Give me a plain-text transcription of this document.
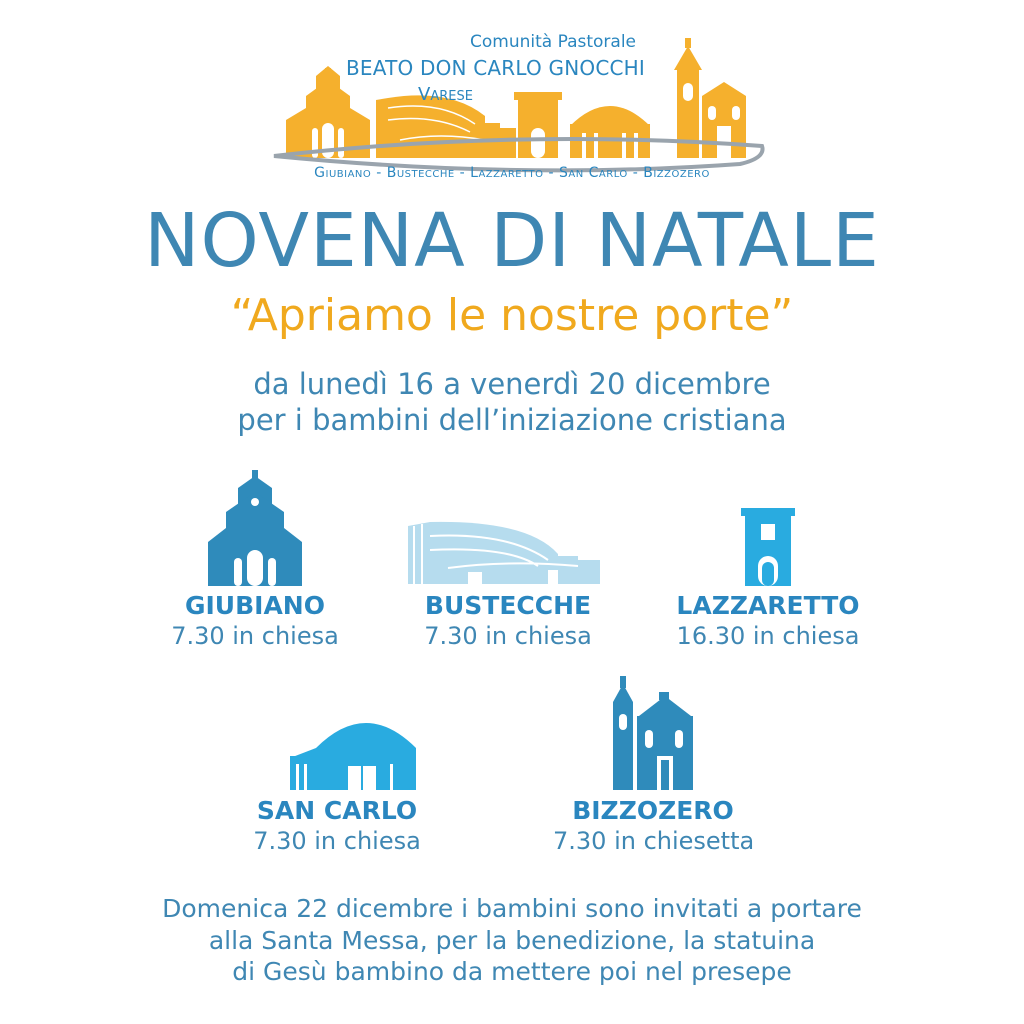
Comunità Pastorale
BEATO DON CARLO GNOCCHI
Varese
Giubiano - Bustecche - Lazzaretto - San Carlo - Bizzozero
NOVENA DI NATALE
“Apriamo le nostre porte”
da lunedì 16 a venerdì 20 dicembre
per i bambini dell’iniziazione cristiana
GIUBIANO
7.30 in chiesa
BUSTECCHE
7.30 in chiesa
LAZZARETTO
16.30 in chiesa
SAN CARLO
7.30 in chiesa
BIZZOZERO
7.30 in chiesetta
Domenica 22 dicembre i bambini sono invitati a portare
alla Santa Messa, per la benedizione, la statuina
di Gesù bambino da mettere poi nel presepe
